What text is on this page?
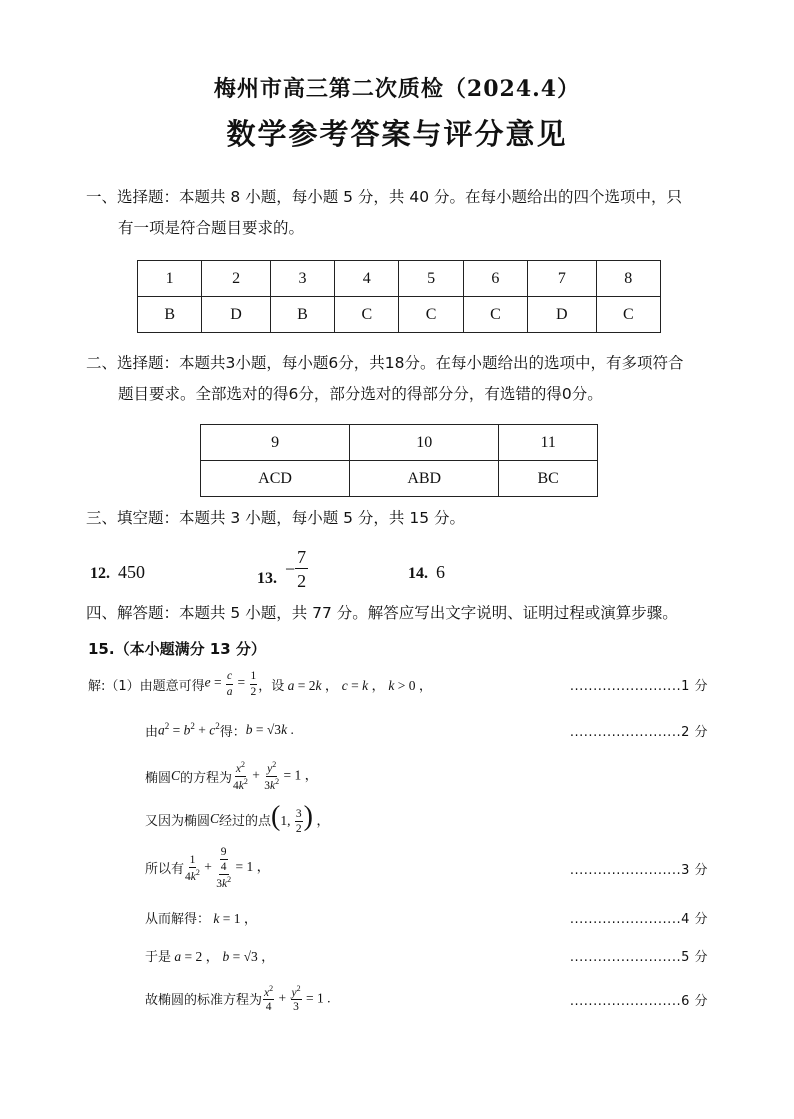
梅州市高三第二次质检（2024.4）
数学参考答案与评分意见
一、选择题：本题共 8 小题，每小题 5 分，共 40 分。在每小题给出的四个选项中，只
有一项是符合题目要求的。
1	2	3	4	5	6	7	8
B	D	B	C	C	C	D	C
二、选择题：本题共3小题，每小题6分，共18分。在每小题给出的选项中，有多项符合
题目要求。全部选对的得6分，部分选对的得部分分，有选错的得0分。
9	10	11
ACD	ABD	BC
三、填空题：本题共 3 小题，每小题 5 分，共 15 分。
12. 450	13. − $\frac{7}{2}$	14. 6
四、解答题：本题共 5 小题，共 77 分。解答应写出文字说明、证明过程或演算步骤。
15.（本小题满分 13 分）
解:（1）由题意可得 $e = \frac{c}{a} = \frac{1}{2}$ ，设 a = 2k ， c = k ， k > 0 ，	........................1 分
由 $a^2 = b^2 + c^2$ 得： b = √3k .	........................2 分
椭圆 C 的方程为 $\frac{x^2}{4k^2} + \frac{y^2}{3k^2} = 1$ ，
又因为椭圆 C 经过的点 (1, $\frac{3}{2}$ ) ，
所以有 $\frac{1}{4k^2} + \frac{\frac{9}{4}}{3k^2} = 1$ ，	........................3 分
从而解得： k = 1 ，	........................4 分
于是 a = 2 ， b = √3 ，	........................5 分
故椭圆的标准方程为 $\frac{x^2}{4} + \frac{y^2}{3} = 1$ .	........................6 分
